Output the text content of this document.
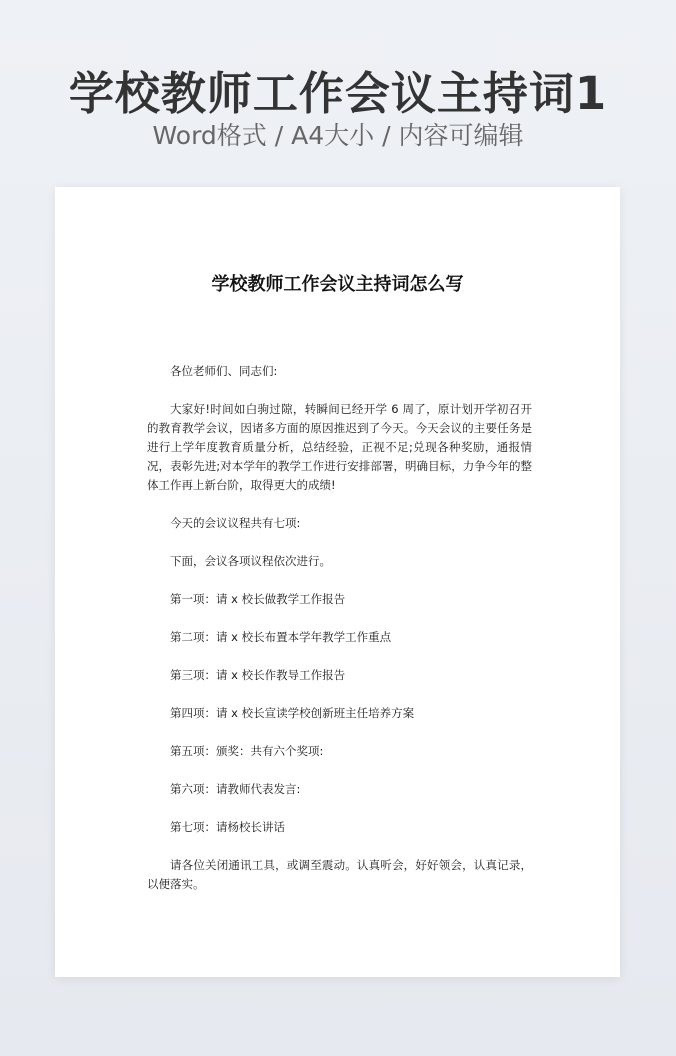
学校教师工作会议主持词1
Word格式 / A4大小 / 内容可编辑
学校教师工作会议主持词怎么写

各位老师们、同志们:

大家好!时间如白驹过隙，转瞬间已经开学 6 周了，原计划开学初召开的教育教学会议，因诸多方面的原因推迟到了今天。今天会议的主要任务是进行上学年度教育质量分析，总结经验，正视不足;兑现各种奖励，通报情况，表彰先进;对本学年的教学工作进行安排部署，明确目标，力争今年的整体工作再上新台阶，取得更大的成绩!

今天的会议议程共有七项:

下面，会议各项议程依次进行。

第一项：请 x 校长做教学工作报告

第二项：请 x 校长布置本学年教学工作重点

第三项：请 x 校长作教导工作报告

第四项：请 x 校长宣读学校创新班主任培养方案

第五项：颁奖：共有六个奖项:

第六项：请教师代表发言:

第七项：请杨校长讲话

请各位关闭通讯工具，或调至震动。认真听会，好好领会，认真记录，以便落实。
